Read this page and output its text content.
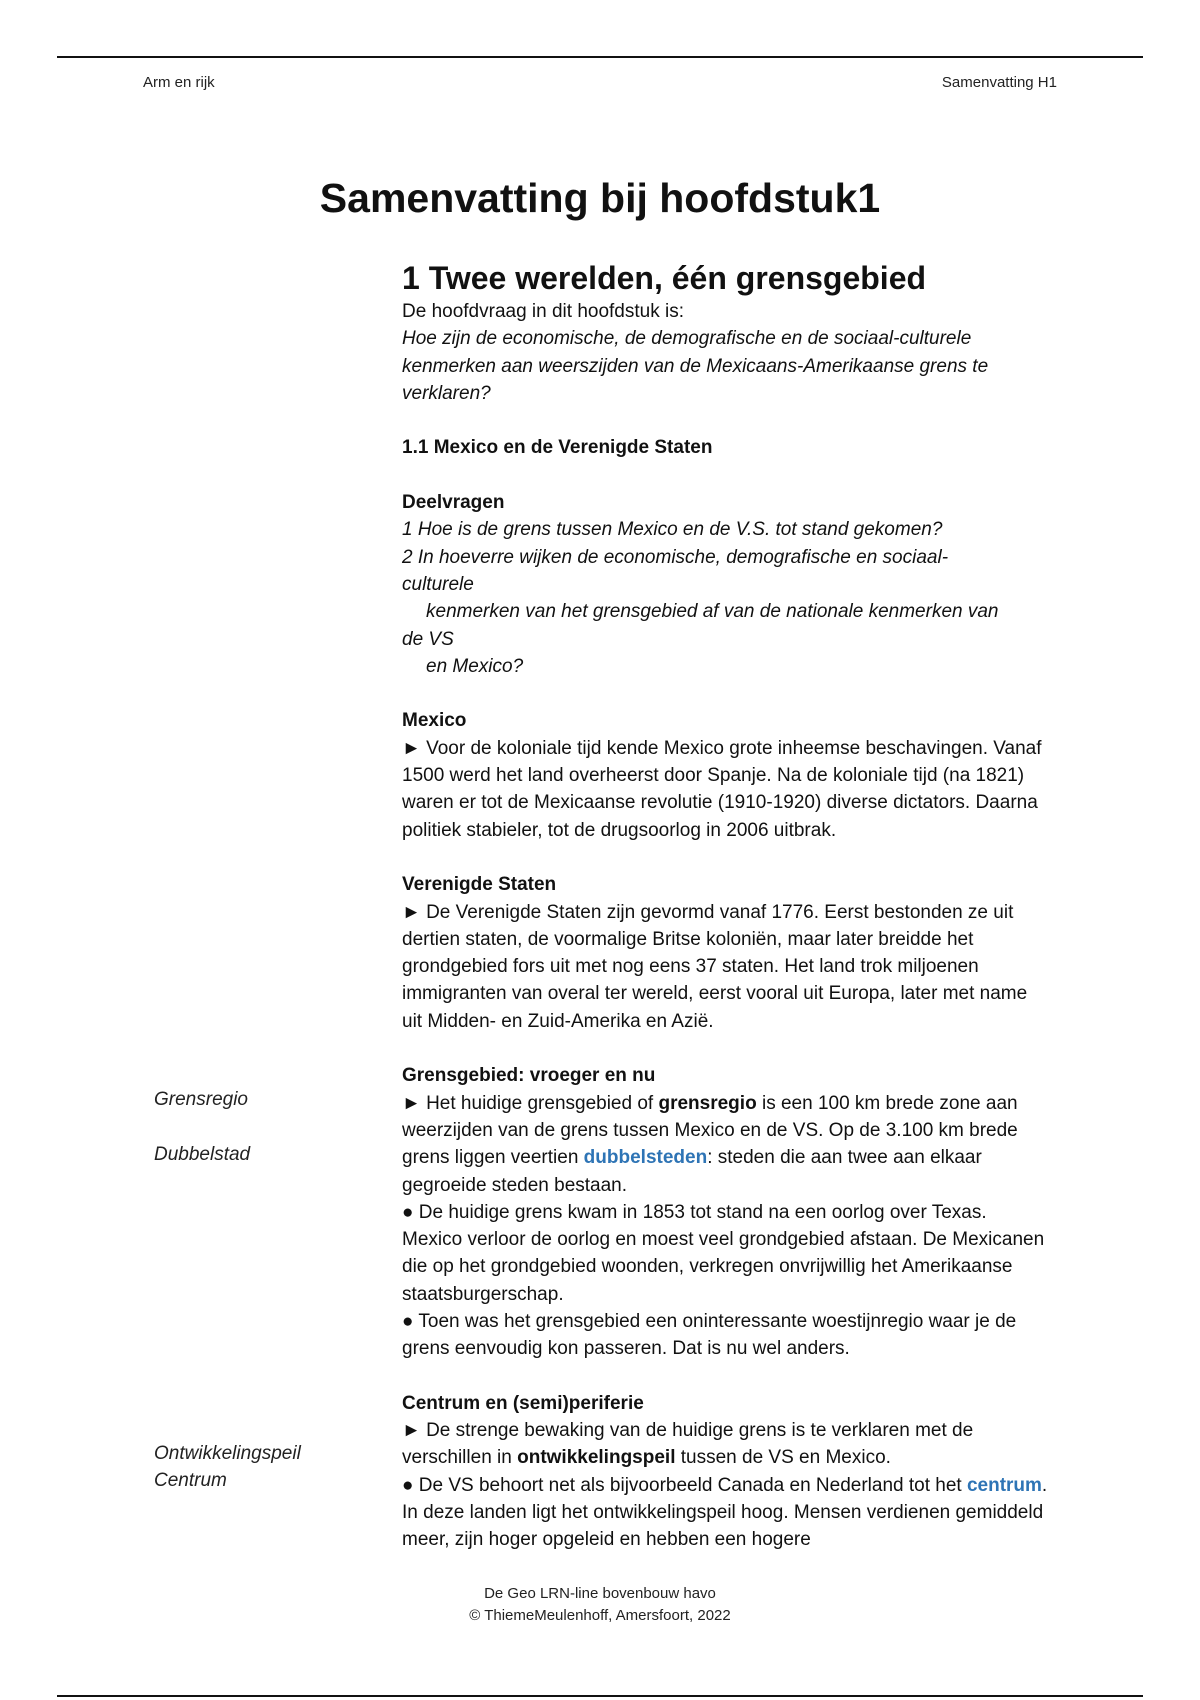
Arm en rijk	Samenvatting H1
Samenvatting bij hoofdstuk1
1 Twee werelden, één grensgebied

De hoofdvraag in dit hoofdstuk is:

Hoe zijn de economische, de demografische en de sociaal-culturele kenmerken aan weerszijden van de Mexicaans-Amerikaanse grens te verklaren?

1.1 Mexico en de Verenigde Staten

Deelvragen

1 Hoe is de grens tussen Mexico en de V.S. tot stand gekomen?

2 In hoeverre wijken de economische, demografische en sociaal-

culturele

kenmerken van het grensgebied af van de nationale kenmerken van

de VS

en Mexico?

Mexico

► Voor de koloniale tijd kende Mexico grote inheemse beschavingen. Vanaf 1500 werd het land overheerst door Spanje. Na de koloniale tijd (na 1821) waren er tot de Mexicaanse revolutie (1910-1920) diverse dictators. Daarna politiek stabieler, tot de drugsoorlog in 2006 uitbrak.

Verenigde Staten

► De Verenigde Staten zijn gevormd vanaf 1776. Eerst bestonden ze uit dertien staten, de voormalige Britse koloniën, maar later breidde het grondgebied fors uit met nog eens 37 staten. Het land trok miljoenen immigranten van overal ter wereld, eerst vooral uit Europa, later met name uit Midden- en Zuid-Amerika en Azië.

Grensgebied: vroeger en nu

► Het huidige grensgebied of grensregio is een 100 km brede zone aan weerzijden van de grens tussen Mexico en de VS. Op de 3.100 km brede grens liggen veertien dubbelsteden: steden die aan twee aan elkaar gegroeide steden bestaan.

● De huidige grens kwam in 1853 tot stand na een oorlog over Texas. Mexico verloor de oorlog en moest veel grondgebied afstaan. De Mexicanen die op het grondgebied woonden, verkregen onvrijwillig het Amerikaanse staatsburgerschap.

● Toen was het grensgebied een oninteressante woestijnregio waar je de grens eenvoudig kon passeren. Dat is nu wel anders.

Centrum en (semi)periferie

► De strenge bewaking van de huidige grens is te verklaren met de verschillen in ontwikkelingspeil tussen de VS en Mexico.

● De VS behoort net als bijvoorbeeld Canada en Nederland tot het centrum. In deze landen ligt het ontwikkelingspeil hoog. Mensen verdienen gemiddeld meer, zijn hoger opgeleid en hebben een hogere

Grensregio
Dubbelstad
Ontwikkelingspeil
Centrum
De Geo LRN-line bovenbouw havo
© ThiemeMeulenhoff, Amersfoort, 2022
